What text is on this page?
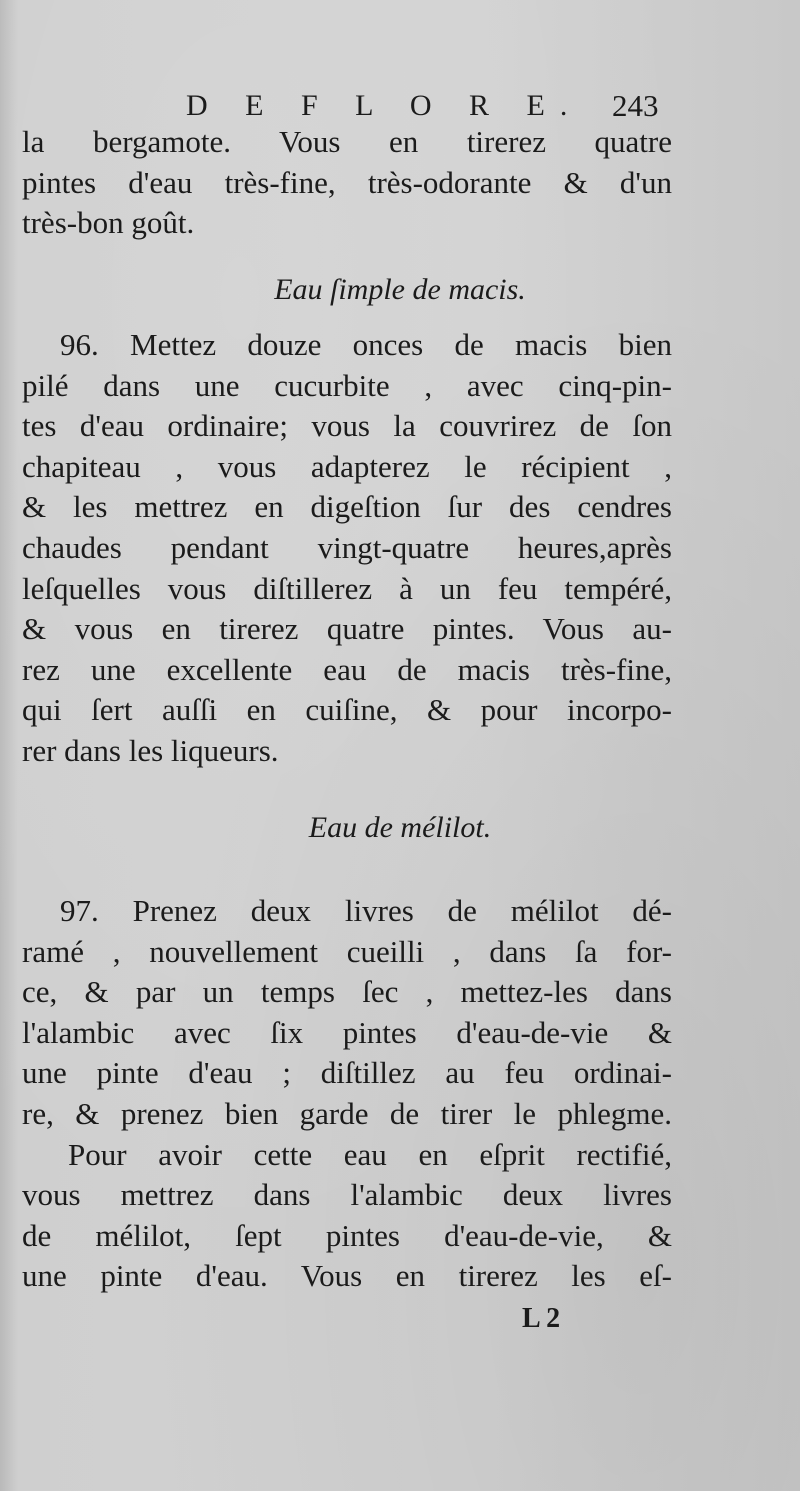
D E F L O R E. 243
la bergamote. Vous en tirerez quatre
pintes d'eau très-fine, très-odorante & d'un
très-bon goût.
Eau ſimple de macis.
96. Mettez douze onces de macis bien
pilé dans une cucurbite , avec cinq-pin-
tes d'eau ordinaire; vous la couvrirez de ſon
chapiteau , vous adapterez le récipient ,
& les mettrez en digeſtion ſur des cendres
chaudes pendant vingt-quatre heures,après
leſquelles vous diſtillerez à un feu tempéré,
& vous en tirerez quatre pintes. Vous au-
rez une excellente eau de macis très-fine,
qui ſert auſſi en cuiſine, & pour incorpo-
rer dans les liqueurs.
Eau de mélilot.
97. Prenez deux livres de mélilot dé-
ramé , nouvellement cueilli , dans ſa for-
ce, & par un temps ſec , mettez-les dans
l'alambic avec ſix pintes d'eau-de-vie &
une pinte d'eau ; diſtillez au feu ordinai-
re, & prenez bien garde de tirer le phlegme.
Pour avoir cette eau en eſprit rectifié,
vous mettrez dans l'alambic deux livres
de mélilot, ſept pintes d'eau-de-vie, &
une pinte d'eau. Vous en tirerez les eſ-
L 2
